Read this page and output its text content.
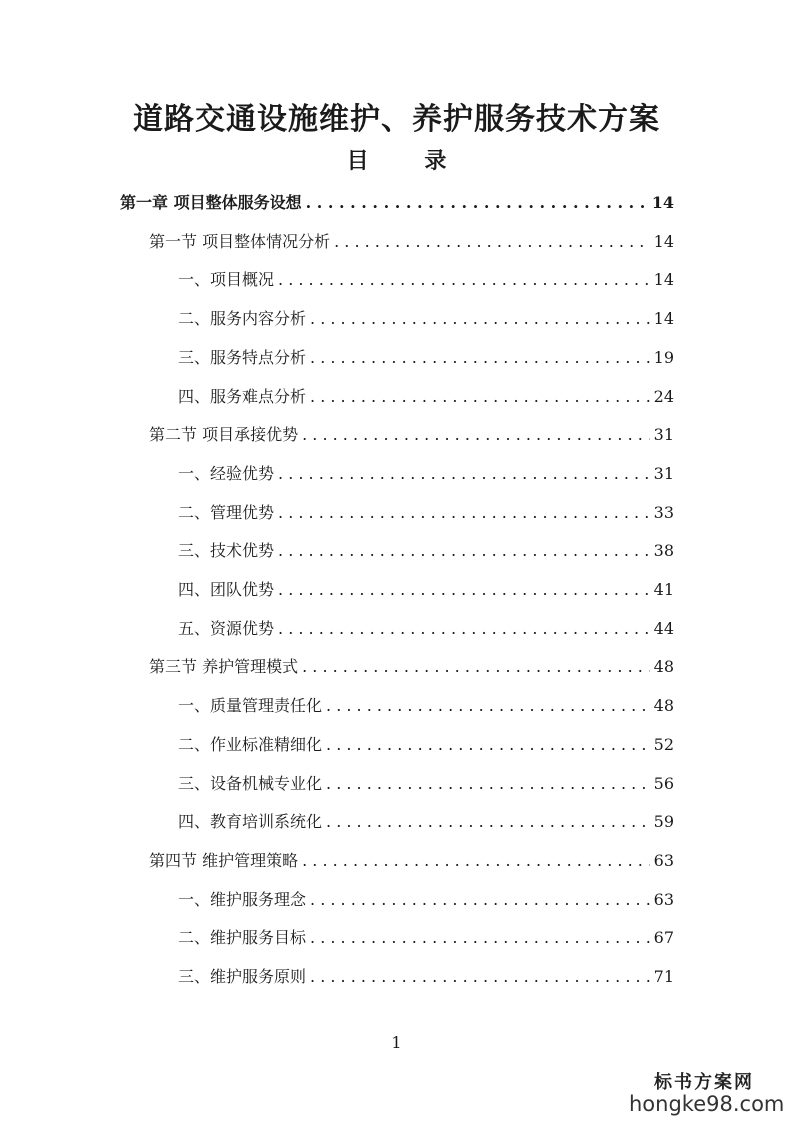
道路交通设施维护、养护服务技术方案
目 录
第一章 项目整体服务设想 . . .	14
第一节 项目整体情况分析 . . .	14
一、项目概况 . . .	14
二、服务内容分析 . . .	14
三、服务特点分析 . . .	19
四、服务难点分析 . . .	24
第二节 项目承接优势 . . .	31
一、经验优势 . . .	31
二、管理优势 . . .	33
三、技术优势 . . .	38
四、团队优势 . . .	41
五、资源优势 . . .	44
第三节 养护管理模式 . . .	48
一、质量管理责任化 . . .	48
二、作业标准精细化 . . .	52
三、设备机械专业化 . . .	56
四、教育培训系统化 . . .	59
第四节 维护管理策略 . . .	63
一、维护服务理念 . . .	63
二、维护服务目标 . . .	67
三、维护服务原则 . . .	71
1
标书方案网
hongke98.com
